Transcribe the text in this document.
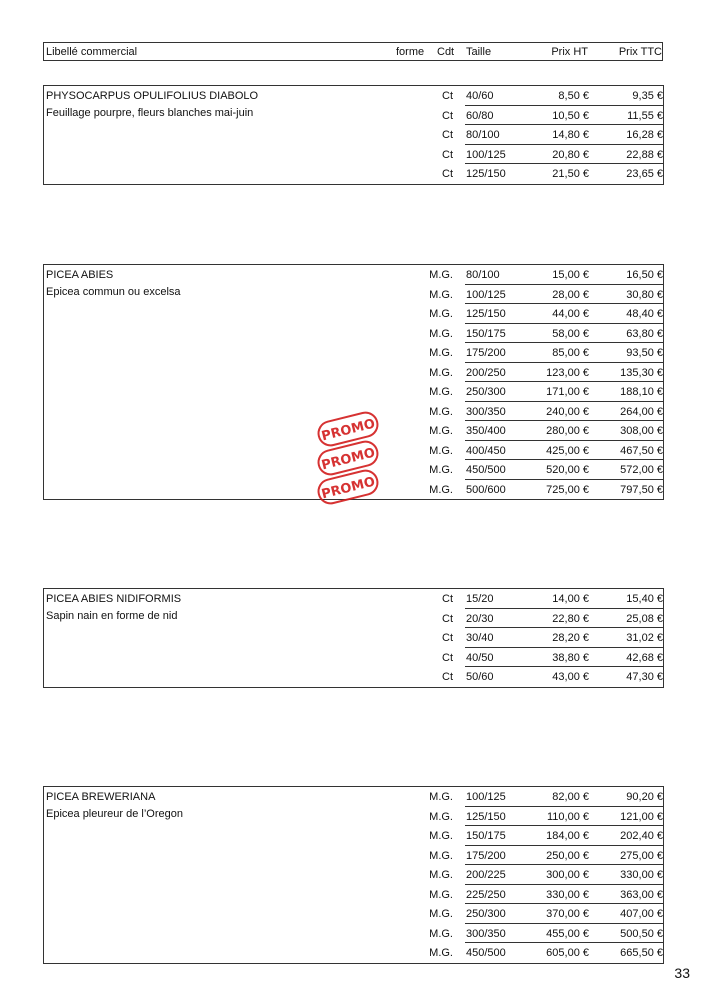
Libellé commercial	forme Cdt Taille	Prix HT	Prix TTC
PHYSOCARPUS OPULIFOLIUS DIABOLO
Feuillage pourpre, fleurs blanches mai-juin
Ct 40/60	8,50 €	9,35 €
Ct 60/80	10,50 €	11,55 €
Ct 80/100	14,80 €	16,28 €
Ct 100/125	20,80 €	22,88 €
Ct 125/150	21,50 €	23,65 €
PICEA ABIES
Epicea commun ou excelsa
M.G. 80/100	15,00 €	16,50 €
M.G. 100/125	28,00 €	30,80 €
M.G. 125/150	44,00 €	48,40 €
M.G. 150/175	58,00 €	63,80 €
M.G. 175/200	85,00 €	93,50 €
M.G. 200/250	123,00 €	135,30 €
M.G. 250/300	171,00 €	188,10 €
M.G. 300/350	240,00 €	264,00 €
M.G. 350/400	280,00 €	308,00 €
M.G. 400/450	425,00 €	467,50 €
M.G. 450/500	520,00 €	572,00 €
M.G. 500/600	725,00 €	797,50 €
PICEA ABIES NIDIFORMIS
Sapin nain en forme de nid
Ct 15/20	14,00 €	15,40 €
Ct 20/30	22,80 €	25,08 €
Ct 30/40	28,20 €	31,02 €
Ct 40/50	38,80 €	42,68 €
Ct 50/60	43,00 €	47,30 €
PICEA BREWERIANA
Epicea pleureur de l’Oregon
M.G. 100/125	82,00 €	90,20 €
M.G. 125/150	110,00 €	121,00 €
M.G. 150/175	184,00 €	202,40 €
M.G. 175/200	250,00 €	275,00 €
M.G. 200/225	300,00 €	330,00 €
M.G. 225/250	330,00 €	363,00 €
M.G. 250/300	370,00 €	407,00 €
M.G. 300/350	455,00 €	500,50 €
M.G. 450/500	605,00 €	665,50 €
33
PROMO
PROMO
PROMO
